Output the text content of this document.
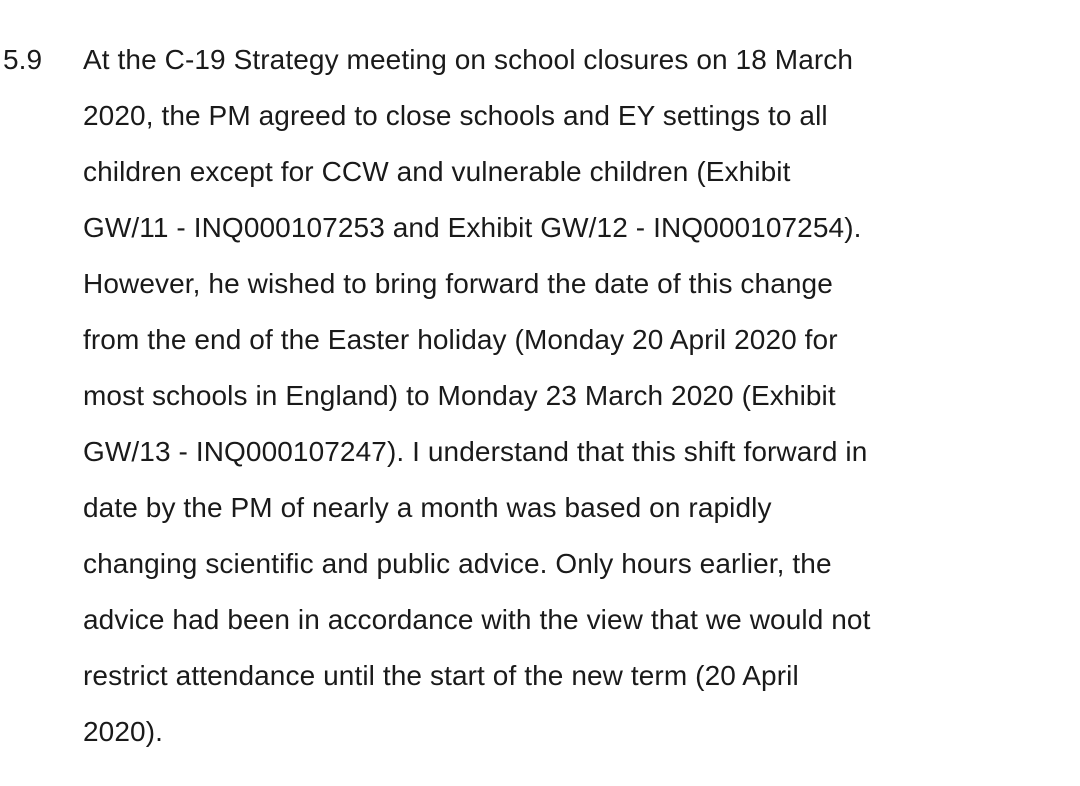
5.9 At the C-19 Strategy meeting on school closures on 18 March
2020, the PM agreed to close schools and EY settings to all
children except for CCW and vulnerable children (Exhibit
GW/11 - INQ000107253 and Exhibit GW/12 - INQ000107254).
However, he wished to bring forward the date of this change
from the end of the Easter holiday (Monday 20 April 2020 for
most schools in England) to Monday 23 March 2020 (Exhibit
GW/13 - INQ000107247). I understand that this shift forward in
date by the PM of nearly a month was based on rapidly
changing scientific and public advice. Only hours earlier, the
advice had been in accordance with the view that we would not
restrict attendance until the start of the new term (20 April
2020).
